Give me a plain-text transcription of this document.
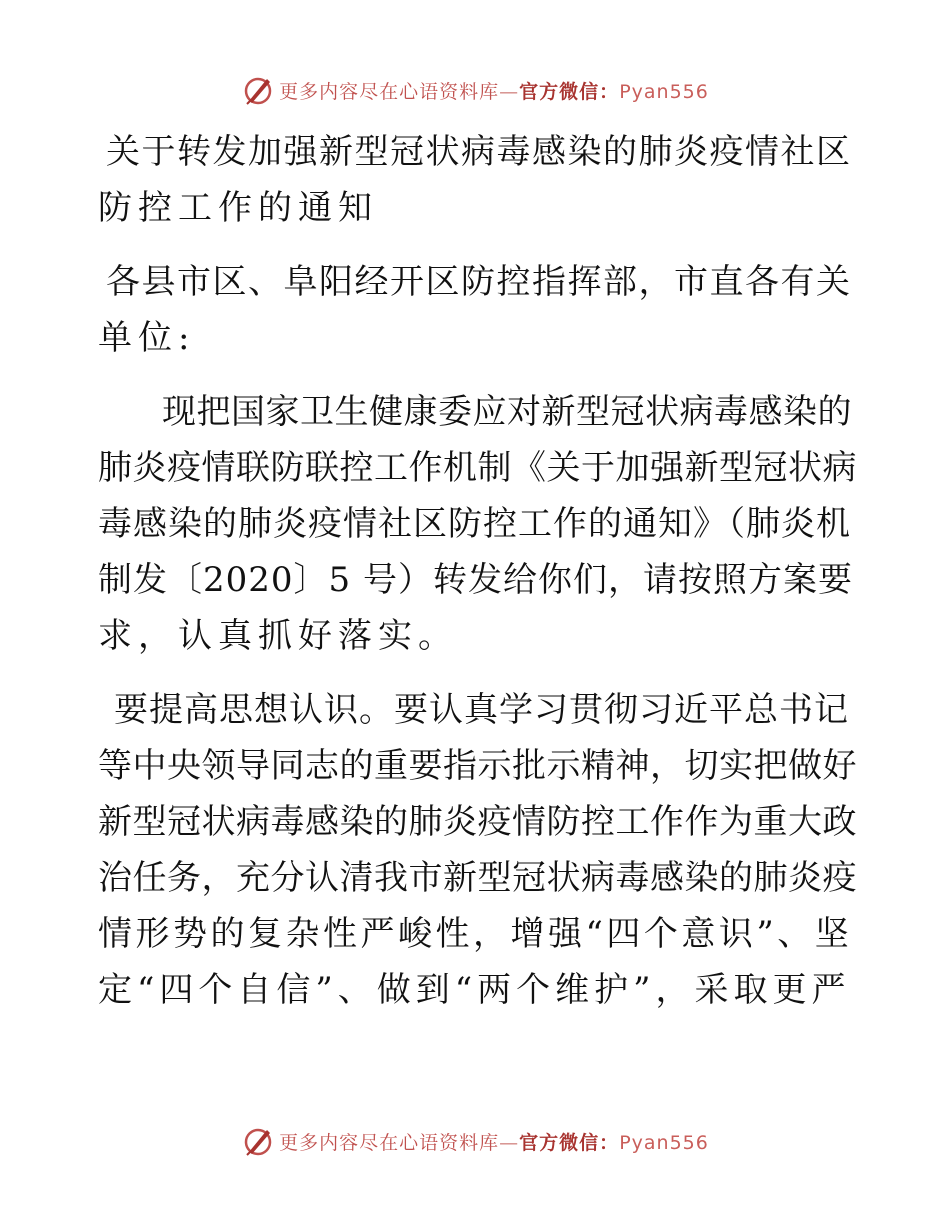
更多内容尽在心语资料库—官方微信：Pyan556
关于转发加强新型冠状病毒感染的肺炎疫情社区
防控工作的通知
各县市区、阜阳经开区防控指挥部，市直各有关
单位:
现把国家卫生健康委应对新型冠状病毒感染的
肺炎疫情联防联控工作机制《关于加强新型冠状病
毒感染的肺炎疫情社区防控工作的通知》（肺炎机
制发〔2020〕5 号）转发给你们，请按照方案要
求，认真抓好落实。
要提高思想认识。要认真学习贯彻习近平总书记
等中央领导同志的重要指示批示精神，切实把做好
新型冠状病毒感染的肺炎疫情防控工作作为重大政
治任务，充分认清我市新型冠状病毒感染的肺炎疫
情形势的复杂性严峻性，增强“四个意识”、坚
定“四个自信”、做到“两个维护”，采取更严
更多内容尽在心语资料库—官方微信：Pyan556
